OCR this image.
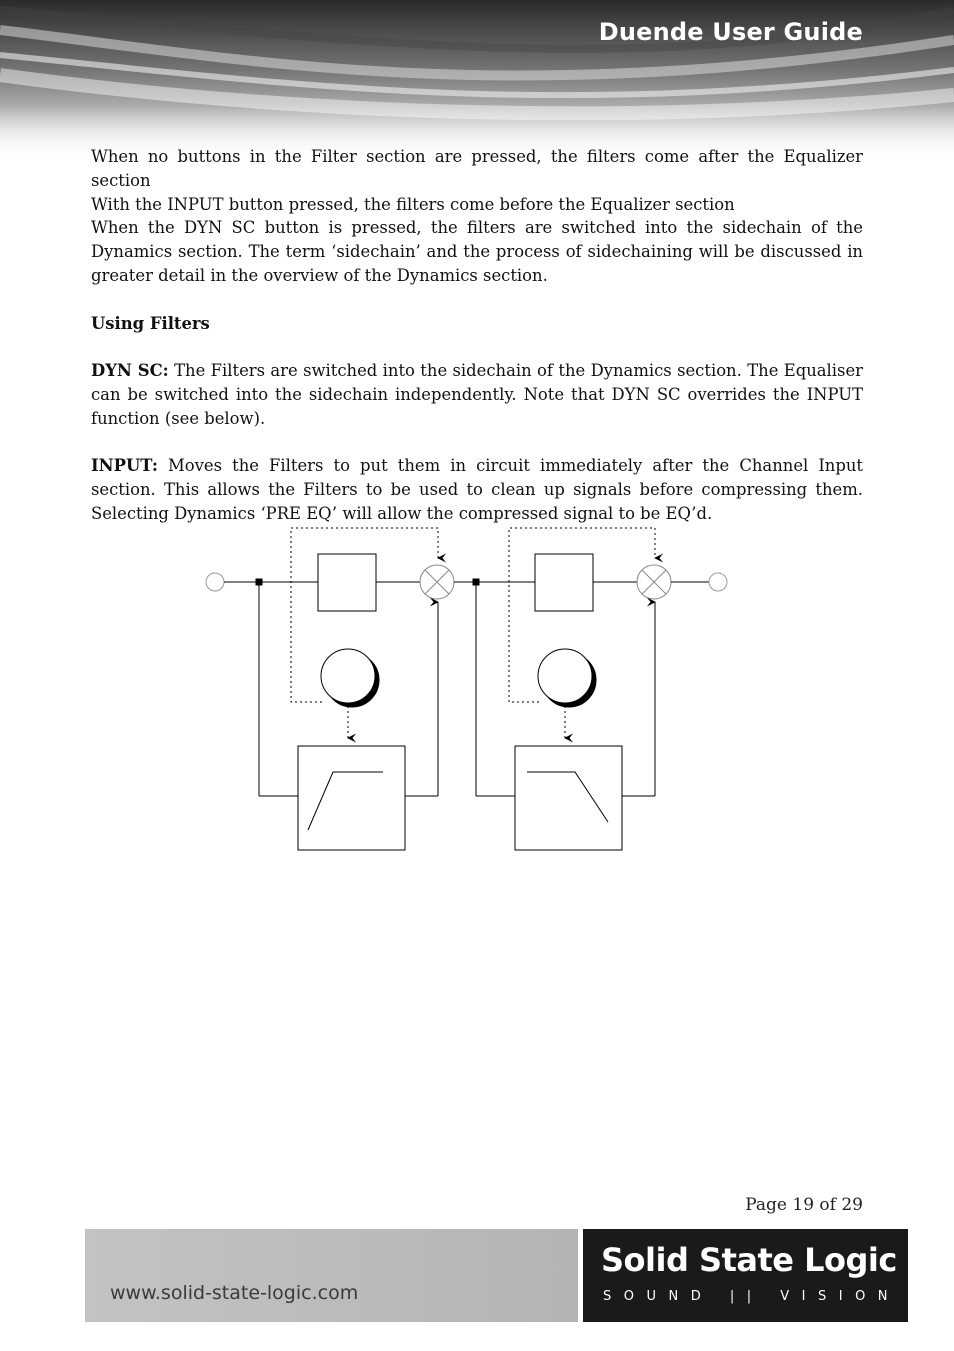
Duende User Guide

When no buttons in the Filter section are pressed, the filters come after the Equalizer section

With the INPUT button pressed, the filters come before the Equalizer section

When the DYN SC button is pressed, the filters are switched into the sidechain of the Dynamics section. The term ‘sidechain’ and the process of sidechaining will be discussed in greater detail in the overview of the Dynamics section.

Using Filters

DYN SC: The Filters are switched into the sidechain of the Dynamics section. The Equaliser can be switched into the sidechain independently. Note that DYN SC overrides the INPUT function (see below).

INPUT: Moves the Filters to put them in circuit immediately after the Channel Input section. This allows the Filters to be used to clean up signals before compressing them. Selecting Dynamics ‘PRE EQ’ will allow the compressed signal to be EQ’d.

Page 19 of 29
www.solid-state-logic.com
Solid State Logic
SOUND || VISION
